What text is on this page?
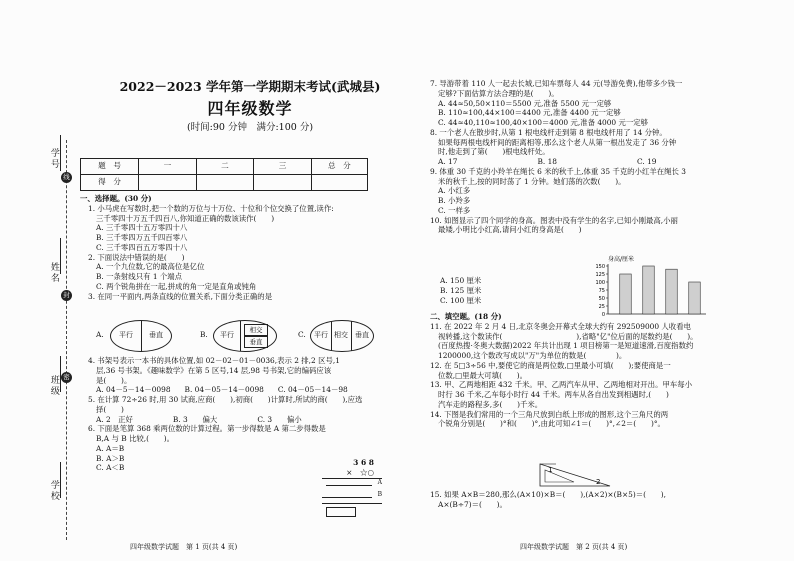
学号
姓名
班级
学校
线
封
密
2022－2023 学年第一学期期末考试(武城县)
四年级数学
(时间:90 分钟　满分:100 分)
题　号	一	二	三	总　分
得　分				

一、选择题。(30 分)

1. 小马虎在写数时,把一个数的万位与十万位、十位和个位交换了位置,读作:

三千零四十万五千四百八,你知道正确的数该读作(　　)

A. 三千零四十五万零四十八

B. 三千零四万五千四百零八

C. 三千零四百五万零四十八

2. 下面说法中错误的是(　　)

A. 一个九位数,它的最高位是亿位

B. 一条射线只有 1 个端点

C. 两个锐角拼在一起,拼成的角一定是直角或钝角

3. 在同一平面内,两条直线的位置关系,下面分类正确的是

A.	平行	垂直	B.	平行
相交
垂直
C.	平行 相交	垂直

4. 书架号表示一本书的具体位置,如 02－02－01－0036,表示 2 排,2 区号,1

层,36 号书架。《趣味数学》在第 5 区号,14 层,98 号书架,它的编码应该

是(　　)。

A. 04－5－14－0098 B. 04－05－14－0098 C. 04－05－14－98

5. 在计算 72÷26 时,用 30 试商,应商(　　),初商(　　)计算时,所试的商(　　),应选

择(　　)

A. 2　正好	B. 3　　偏大	C. 3　　偏小

6. 下面是笔算 368 乘两位数的计算过程。第一步得数是 A 第二步得数是

B,A 与 B 比较,(　　)。

A. A＝B

B. A＞B

C. A＜B

3 6 8
×　☆○
A
B
四年级数学试题　第 1 页(共 4 页)

7. 导游带着 110 人一起去长城,已知车票每人 44 元(导游免费),他带多少钱一

定够?下面估算方法合理的是(　　)。

A. 44≈50,50×110＝5500 元,准备 5500 元一定够

B. 110≈100,44×100＝4400 元,准备 4400 元一定够

C. 44≈40,110≈100,40×100＝4000 元,准备 4000 元一定够

8. 一个老人在散步时,从第 1 根电线杆走到第 8 根电线杆用了 14 分钟。

如果每两根电线杆间的距离相等,那么这个老人从第一根出发走了 36 分钟

时,他走到了第(　　)根电线杆处。

A. 17	B. 18	C. 19

9. 体重 30 千克的小羚羊在绳长 6 米的秋千上,体重 35 千克的小红羊在绳长 3

米的秋千上,按的同时荡了 1 分钟。她们荡的次数(　　)。

A. 小红多

B. 小羚多

C. 一样多

10. 如图显示了四个同学的身高。图表中没有学生的名字,已知小刚最高,小丽

最矮,小明比小红高,请问小红的身高是(　　)

A. 150 厘米

B. 125 厘米

C. 100 厘米

身高/厘米
0
25
50
75
100
125
150

二、填空题。(18 分)

11. 在 2022 年 2 月 4 日,北京冬奥会开幕式全球大约有 292509000 人收看电

视转播,这个数读作(　　　　　　　　　　),省略"亿"位后面的尾数约是(　　)。

(百度热搜·冬奥大数据)2022 年共计出现 1 项目榜第一是短道速滑,百度指数约

1200000,这个数改写成以"万"为单位的数是(　　　　)。

12. 在 5□3÷56 中,要使它的商是两位数,□里最小可填(　　);要使商是一

位数,□里最大可填(　　)。

13. 甲、乙两地相距 432 千米。甲、乙两汽车从甲、乙两地相对开出。甲车每小

时行 36 千米,乙车每小时行 44 千米。两车从各自出发到相遇时,(　　)

汽车走的路程多,多(　　)千米。

14. 下图是我们常用的一个三角尺放到白纸上形成的图形,这个三角尺的两

个锐角分别是(　　)°和(　　)°,由此可知∠1＝(　　)°,∠2＝(　　)°。

1
2

15. 如果 A×B＝280,那么(A×10)×B＝(　　),(A×2)×(B×5)＝(　　),

A×(B÷7)＝(　　)。

四年级数学试题　第 2 页(共 4 页)
